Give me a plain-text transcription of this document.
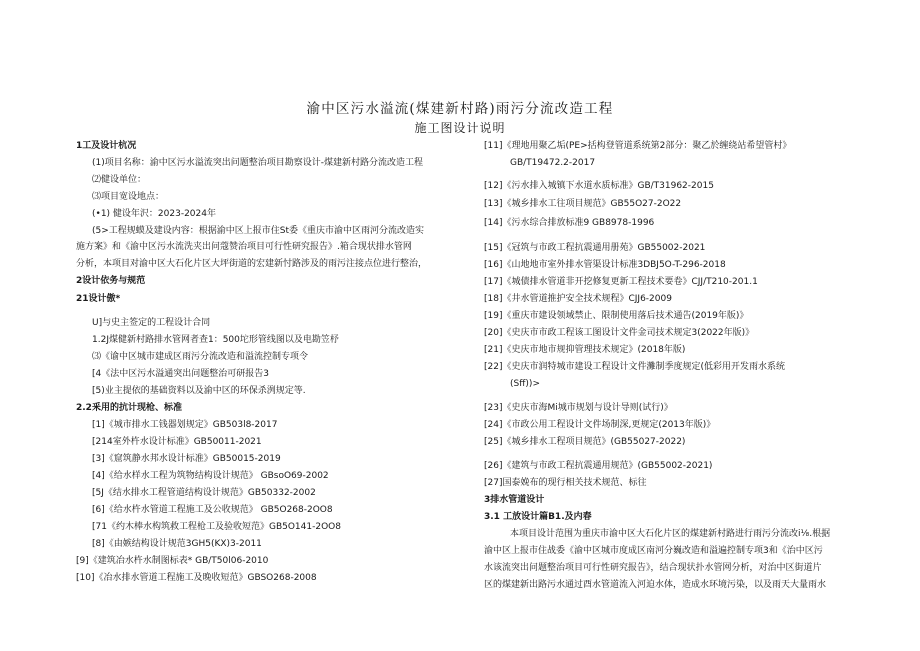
渝中区污水溢流(煤建新村路)雨污分流改造工程
施工图设计说明
1工及设计杭况
(1)项目名称：渝中区污水溢流突出问题整治项目勘察设计-煤建新村路分流改造工程
⑵健设单位：
⑶项目宽设地点：
(•1) 健设年沢：2023-2024年
(5>工程规蟆及建设内容：根据渝中区上报市住St委《重庆市渝中区雨河分流改造实
施方案》和《渝中区污水流洗夹出问蔻赞治项目可行性研究报告》.箱合现状排水管网
分析，本项目对渝中区大石化片区大坪街道的宏建新忖路涉及的雨污注接点位进行整治，
2设计依务与规范
21设计傲*
U]与史主签定的工程设计合同
1.2J煤健新村路排水管网者查1：500坨形管线图以及电勘笠杼
⑶《谕中区城市建成区雨污分流改造和溢流控制专项令
[4《法中区污水溢通突出问题整治可研报告3
[5)业主提依的基础资料以及渝中区的环保杀洌规定等.
2.2釆用的抗计现枪、标准
[1]《城市排水工钱器划规定》GB503l8-2017
[214室外杵水设计标准》GB50011-2021
[3]《窟筑静水邦水设计标准》GB50015-2019
[4]《给水样水工程为筑物结构设计规范》 GBsoO69-2002
[5J《结水排水工程管道结构设计规范》GB50332-2002
[6]《给水杵水管道工程施工及公收规范》 GB5O268-2OO8
[71《约木棒水构筑救工程枪工及验收短范》GB5O141-2OO8
[8]《由嫉结构设计规范3GH5(KX)3-2011
[9]《建筑冶水杵水制图标表* GB/T50l06-2010
[10]《冶水排水管道工程施工及晚收短范》GBSO268-2008
[11]《理地用聚乙垢(PE>括构登管道系统第2部分：聚乙於缠绕站希望管村》
GB/T19472.2-2017
[12]《污水排入城镇下水道水质标准》GB/T31962-2015
[13]《城乡排水工往项目规范》GB55O27-2O22
[14]《污水综合排放标准9 GB8978-1996
[15]《冠筑与市政工程抗震通用册苑》GB55002-2021
[16]《山地地市室外排水管渠设计标准3DBJ5O-T-296-2018
[17]《城债排水管道非开挖修复更新工程技术要卷》CJJ/T210-201.1
[18]《井水管道推护安全技术规程》CJJ6-2009
[19]《重庆市建设领域禁止、限制使用落后技术通告(2019年版)》
[20]《史庆市市政工程该工图设计文件金司技术规定3(2022年版)》
[21]《史庆市地市规抑管理技术规定》(2018年版)
[22]《史庆市润特城市建设工程设计文件灘制季度规定(低彩用开发雨水系统
(Sff))>
[23]《史庆市海Mi城市规划与设计导则(试行)》
[24]《市政公用工程设计文件场制深,更规定(2013年版)》
[25]《城乡排水工程项目规范》(GB55027-2022)
[26]《建筑与市政工程抗震通用规范》(GB55002-2021)
[27]国泰娩布的现行相关技术规范、标往
3排水管道设计
3.1 工放设计篇B1.及内春
本项目设计范围为重庆市渝中区大石化片区的煤建新村路进行雨污分流改i⅛.根据
渝中区上报市住战委《渝中区城市度成区南河分巍改造和溢遍控制专项3和《治中区污
水该流突出问题整治项目可行性研究报告》，结合现状扑水管网分析，对治中区街道片
区的煤建新出路污水通过酉水管道流入河迫水体，造成水环境污染，以及雨天大量雨水
